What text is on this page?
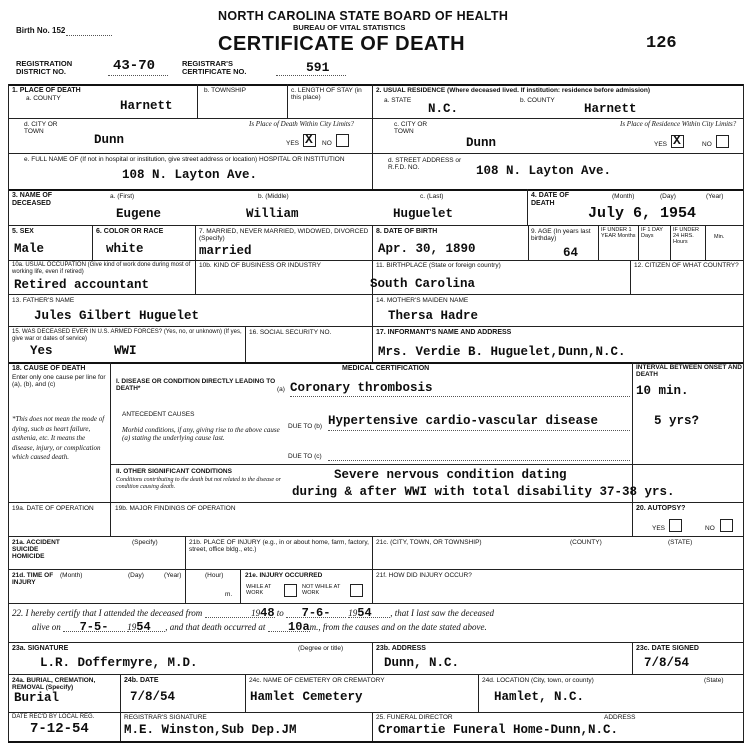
Birth No. 152
NORTH CAROLINA STATE BOARD OF HEALTH
BUREAU OF VITAL STATISTICS
CERTIFICATE OF DEATH	126
REGISTRATION DISTRICT NO.	43-70	REGISTRAR'S CERTIFICATE NO.	591
1. PLACE OF DEATH
a. COUNTY
Harnett
b. TOWNSHIP	c. LENGTH OF STAY (in this place)
2. USUAL RESIDENCE (Where deceased lived. If institution: residence before admission)
a. STATE
N.C.
b. COUNTY
Harnett
d. CITY OR TOWN
Dunn
Is Place of Death Within City Limits?
YES X NO
c. CITY OR TOWN
Dunn
Is Place of Residence Within City Limits?
YES X	NO
e. FULL NAME OF (If not in hospital or institution, give street address or location) HOSPITAL OR INSTITUTION
108 N. Layton Ave.
d. STREET ADDRESS or R.F.D. NO.	108 N. Layton Ave.
3. NAME OF DECEASED
a. (First)	b. (Middle)	c. (Last)
Eugene	William	Huguelet
4. DATE OF DEATH
(Month)	(Day)	(Year)
July 6, 1954
5. SEX
Male
6. COLOR OR RACE
white
7. MARRIED, NEVER MARRIED, WIDOWED, DIVORCED (Specify)
married
8. DATE OF BIRTH
Apr. 30, 1890
9. AGE (In years last birthday)
64
IF UNDER 1 YEAR Months
IF 1 DAY Days
IF UNDER 24 HRS. Hours
Min.
10a. USUAL OCCUPATION (Give kind of work done during most of working life, even if retired)
Retired accountant
10b. KIND OF BUSINESS OR INDUSTRY	11. BIRTHPLACE (State or foreign country)
South Carolina
12. CITIZEN OF WHAT COUNTRY?
13. FATHER'S NAME
Jules Gilbert Huguelet
14. MOTHER'S MAIDEN NAME
Thersa Hadre
15. WAS DECEASED EVER IN U.S. ARMED FORCES? (Yes, no, or unknown) (If yes, give war or dates of service)
Yes	WWI
16. SOCIAL SECURITY NO.	17. INFORMANT'S NAME AND ADDRESS
Mrs. Verdie B. Huguelet,Dunn,N.C.
18. CAUSE OF DEATH
Enter only one cause per line for (a), (b), and (c)
*This does not mean the mode of dying, such as heart failure, asthenia, etc. It means the disease, injury, or complication which caused death.
MEDICAL CERTIFICATION	INTERVAL BETWEEN ONSET AND DEATH
I. DISEASE OR CONDITION DIRECTLY LEADING TO DEATH*	(a) Coronary thrombosis	10 min.
ANTECEDENT CAUSES
Morbid conditions, if any, giving rise to the above cause (a) stating the underlying cause last.
DUE TO (b) Hypertensive cardio-vascular disease	5 yrs?
DUE TO (c)
II. OTHER SIGNIFICANT CONDITIONS
Conditions contributing to the death but not related to the disease or condition causing death.
Severe nervous condition dating
during & after WWI with total disability 37-38 yrs.
19a. DATE OF OPERATION	19b. MAJOR FINDINGS OF OPERATION	20. AUTOPSY?
YES	NO
21a. ACCIDENT SUICIDE HOMICIDE
(Specify)	21b. PLACE OF INJURY (e.g., in or about home, farm, factory, street, office bldg., etc.)
21c. (CITY, TOWN, OR TOWNSHIP)	(COUNTY)	(STATE)
21d. TIME OF INJURY
(Month)	(Day)	(Year)	(Hour)
m.
21e. INJURY OCCURRED
WHILE AT WORK
NOT WHILE AT WORK
21f. HOW DID INJURY OCCUR?
22. I hereby certify that I attended the deceased from	1948 to 7-6- 1954 , that I last saw the deceased
alive on 7-5- 1954 , and that death occurred at 10am., from the causes and on the date stated above.
23a. SIGNATURE	(Degree or title)
L.R. Doffermyre, M.D.
23b. ADDRESS
Dunn, N.C.
23c. DATE SIGNED
7/8/54
24a. BURIAL, CREMATION, REMOVAL (Specify)
Burial
24b. DATE
7/8/54
24c. NAME OF CEMETERY OR CREMATORY
Hamlet Cemetery
24d. LOCATION (City, town, or county)	(State)
Hamlet, N.C.
DATE REC'D BY LOCAL REG.
7-12-54
REGISTRAR'S SIGNATURE
M.E. Winston,Sub Dep.JM
25. FUNERAL DIRECTOR	ADDRESS
Cromartie Funeral Home-Dunn,N.C.
